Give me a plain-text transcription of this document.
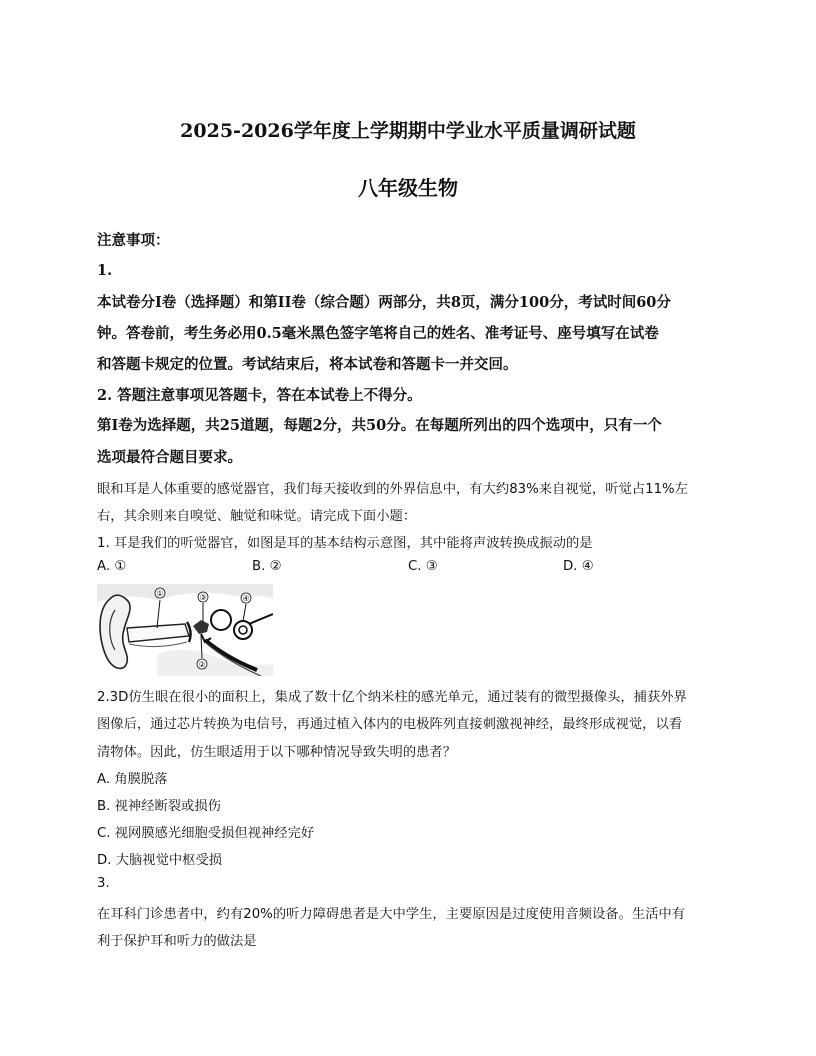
2025-2026学年度上学期期中学业水平质量调研试题
八年级生物
注意事项：
1.
本试卷分I卷（选择题）和第II卷（综合题）两部分，共8页，满分100分，考试时间60分
钟。答卷前，考生务必用0.5毫米黑色签字笔将自己的姓名、准考证号、座号填写在试卷
和答题卡规定的位置。考试结束后，将本试卷和答题卡一并交回。
2. 答题注意事项见答题卡，答在本试卷上不得分。
第I卷为选择题，共25道题，每题2分，共50分。在每题所列出的四个选项中，只有一个
选项最符合题目要求。
眼和耳是人体重要的感觉器官，我们每天接收到的外界信息中，有大约83%来自视觉，听觉占11%左
右，其余则来自嗅觉、触觉和味觉。请完成下面小题：
1. 耳是我们的听觉器官，如图是耳的基本结构示意图，其中能将声波转换成振动的是
A. ①	B. ②	C. ③	D. ④
①	③
②
④
2.3D仿生眼在很小的面积上，集成了数十亿个纳米柱的感光单元，通过装有的微型摄像头，捕获外界
图像后，通过芯片转换为电信号，再通过植入体内的电极阵列直接刺激视神经，最终形成视觉，以看
清物体。因此，仿生眼适用于以下哪种情况导致失明的患者？
A. 角膜脱落
B. 视神经断裂或损伤
C. 视网膜感光细胞受损但视神经完好
D. 大脑视觉中枢受损
3.
在耳科门诊患者中，约有20%的听力障碍患者是大中学生，主要原因是过度使用音频设备。生活中有
利于保护耳和听力的做法是
